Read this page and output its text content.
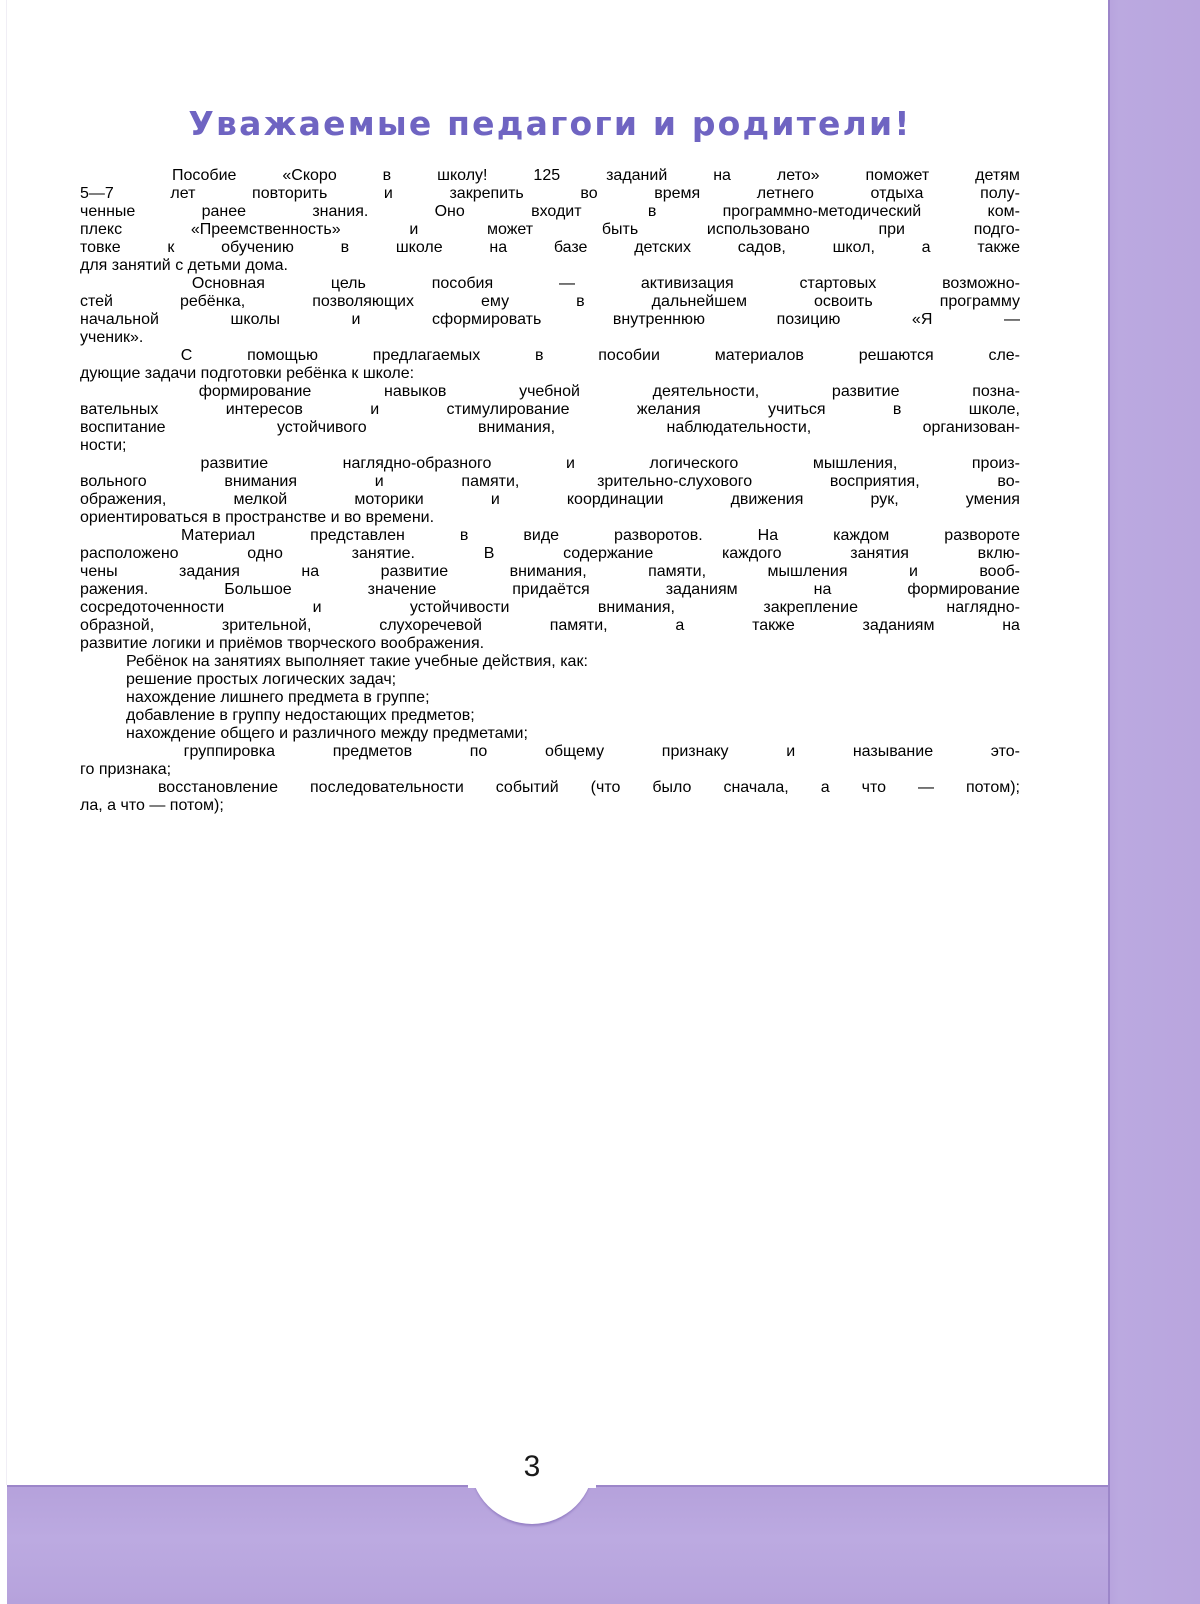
3
Уважаемые педагоги и родители!
Пособие	«Скоро	в	школу!	125	заданий	на	лето»	поможет	детям
5—7	лет	повторить	и	закрепить	во	время	летнего	отдыха	полу-
ченные	ранее	знания.	Оно	входит	в	программно-методический	ком-
плекс	«Преемственность»	и	может	быть	использовано	при	подго-
товке	к	обучению	в	школе	на	базе	детских	садов,	школ,	а	также
для
занятий
с
детьми
дома.
Основная	цель	пособия	—	активизация	стартовых	возможно-
стей	ребёнка,	позволяющих	ему	в	дальнейшем	освоить	программу
начальной	школы	и	сформировать	внутреннюю	позицию	«Я	—
ученик».
С	помощью	предлагаемых	в	пособии	материалов	решаются	сле-
дующие
задачи
подготовки
ребёнка
к
школе:
формирование	навыков	учебной	деятельности,	развитие	позна-
вательных	интересов	и	стимулирование	желания	учиться	в	школе,
воспитание	устойчивого	внимания,	наблюдательности,	организован-
ности;
развитие	наглядно-образного	и	логического	мышления,	произ-
вольного	внимания	и	памяти,	зрительно-слухового	восприятия,	во-
ображения,	мелкой	моторики	и	координации	движения	рук,	умения
ориентироваться
в
пространстве
и
во
времени.
Материал	представлен	в	виде	разворотов.	На	каждом	развороте
расположено	одно	занятие.	В	содержание	каждого	занятия	вклю-
чены	задания	на	развитие	внимания,	памяти,	мышления	и	вооб-
ражения.	Большое	значение	придаётся	заданиям	на	формирование
сосредоточенности	и	устойчивости	внимания,	закрепление	наглядно-
образной,	зрительной,	слухоречевой	памяти,	а	также	заданиям	на
развитие
логики
и
приёмов
творческого
воображения.
Ребёнок
на
занятиях
выполняет
такие
учебные
действия,
как:
решение
простых
логических
задач;
нахождение
лишнего
предмета
в
группе;
добавление
в
группу
недостающих
предметов;
нахождение
общего
и
различного
между
предметами;
группировка	предметов	по	общему	признаку	и	называние	это-
го
признака;
восстановление последовательности событий (что было сначала, а что — потом);
ла,
а
что
—
потом);
